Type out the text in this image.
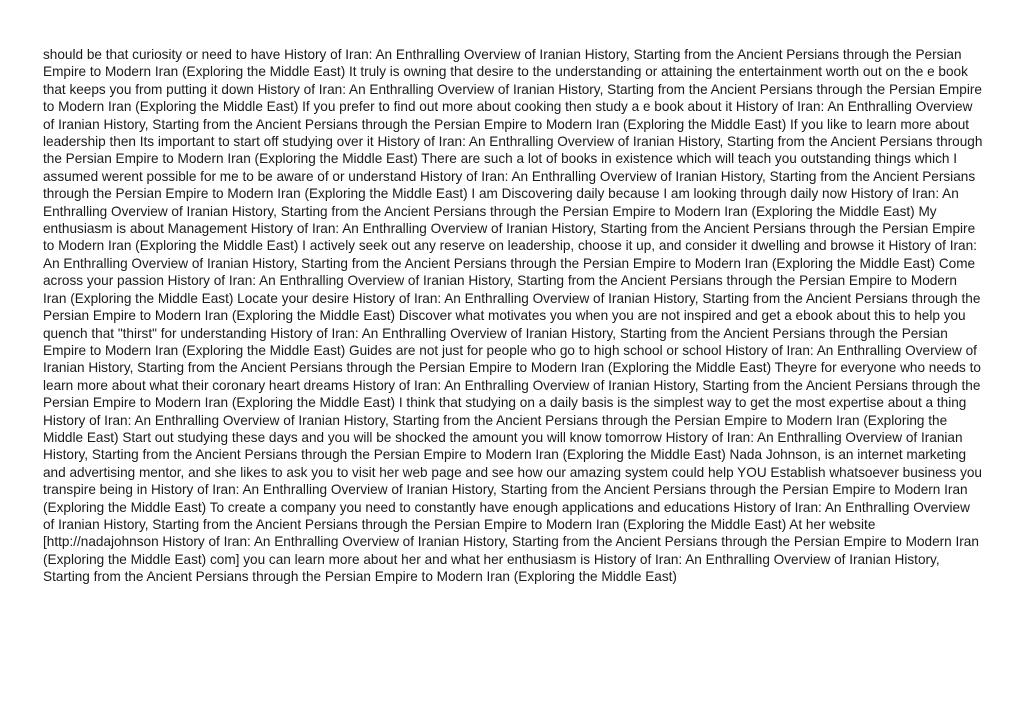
should be that curiosity or need to have History of Iran: An Enthralling Overview of Iranian History, Starting from the Ancient Persians through the Persian Empire to Modern Iran (Exploring the Middle East) It truly is owning that desire to the understanding or attaining the entertainment worth out on the e book that keeps you from putting it down History of Iran: An Enthralling Overview of Iranian History, Starting from the Ancient Persians through the Persian Empire to Modern Iran (Exploring the Middle East) If you prefer to find out more about cooking then study a e book about it History of Iran: An Enthralling Overview of Iranian History, Starting from the Ancient Persians through the Persian Empire to Modern Iran (Exploring the Middle East) If you like to learn more about leadership then Its important to start off studying over it History of Iran: An Enthralling Overview of Iranian History, Starting from the Ancient Persians through the Persian Empire to Modern Iran (Exploring the Middle East) There are such a lot of books in existence which will teach you outstanding things which I assumed werent possible for me to be aware of or understand History of Iran: An Enthralling Overview of Iranian History, Starting from the Ancient Persians through the Persian Empire to Modern Iran (Exploring the Middle East) I am Discovering daily because I am looking through daily now History of Iran: An Enthralling Overview of Iranian History, Starting from the Ancient Persians through the Persian Empire to Modern Iran (Exploring the Middle East) My enthusiasm is about Management History of Iran: An Enthralling Overview of Iranian History, Starting from the Ancient Persians through the Persian Empire to Modern Iran (Exploring the Middle East) I actively seek out any reserve on leadership, choose it up, and consider it dwelling and browse it History of Iran: An Enthralling Overview of Iranian History, Starting from the Ancient Persians through the Persian Empire to Modern Iran (Exploring the Middle East) Come across your passion History of Iran: An Enthralling Overview of Iranian History, Starting from the Ancient Persians through the Persian Empire to Modern Iran (Exploring the Middle East) Locate your desire History of Iran: An Enthralling Overview of Iranian History, Starting from the Ancient Persians through the Persian Empire to Modern Iran (Exploring the Middle East) Discover what motivates you when you are not inspired and get a ebook about this to help you quench that "thirst" for understanding History of Iran: An Enthralling Overview of Iranian History, Starting from the Ancient Persians through the Persian Empire to Modern Iran (Exploring the Middle East) Guides are not just for people who go to high school or school History of Iran: An Enthralling Overview of Iranian History, Starting from the Ancient Persians through the Persian Empire to Modern Iran (Exploring the Middle East) Theyre for everyone who needs to learn more about what their coronary heart dreams History of Iran: An Enthralling Overview of Iranian History, Starting from the Ancient Persians through the Persian Empire to Modern Iran (Exploring the Middle East) I think that studying on a daily basis is the simplest way to get the most expertise about a thing History of Iran: An Enthralling Overview of Iranian History, Starting from the Ancient Persians through the Persian Empire to Modern Iran (Exploring the Middle East) Start out studying these days and you will be shocked the amount you will know tomorrow History of Iran: An Enthralling Overview of Iranian History, Starting from the Ancient Persians through the Persian Empire to Modern Iran (Exploring the Middle East) Nada Johnson, is an internet marketing and advertising mentor, and she likes to ask you to visit her web page and see how our amazing system could help YOU Establish whatsoever business you transpire being in History of Iran: An Enthralling Overview of Iranian History, Starting from the Ancient Persians through the Persian Empire to Modern Iran (Exploring the Middle East) To create a company you need to constantly have enough applications and educations History of Iran: An Enthralling Overview of Iranian History, Starting from the Ancient Persians through the Persian Empire to Modern Iran (Exploring the Middle East) At her website [http://nadajohnson History of Iran: An Enthralling Overview of Iranian History, Starting from the Ancient Persians through the Persian Empire to Modern Iran (Exploring the Middle East) com] you can learn more about her and what her enthusiasm is History of Iran: An Enthralling Overview of Iranian History, Starting from the Ancient Persians through the Persian Empire to Modern Iran (Exploring the Middle East)
